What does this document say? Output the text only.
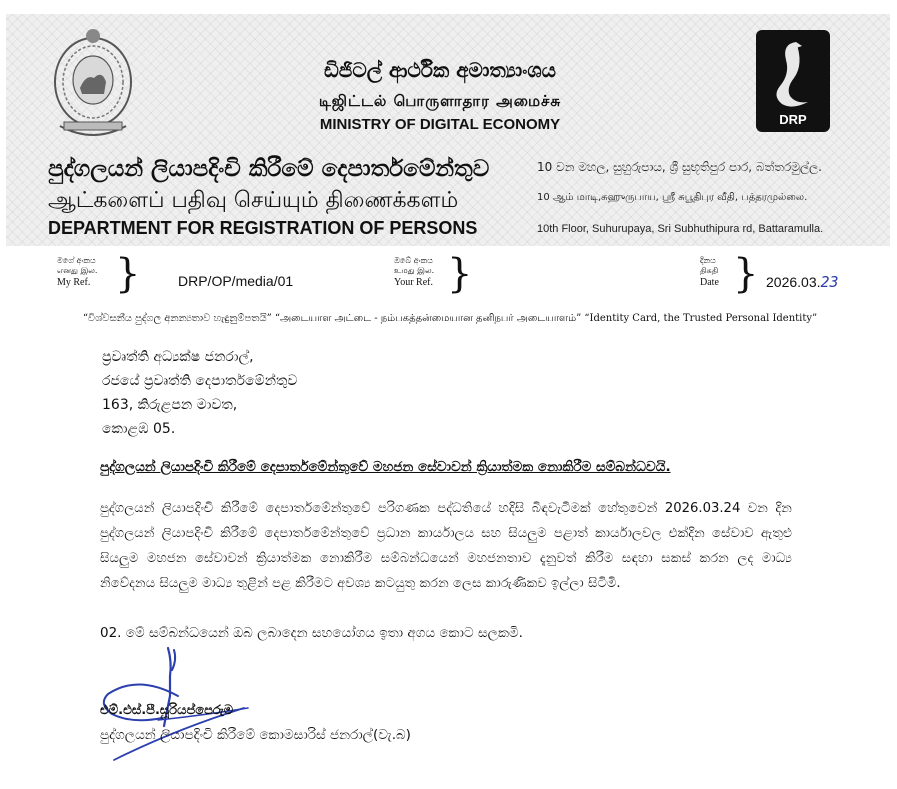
DRP
ඩිජිටල් ආර්ථික අමාත්‍යාංශය
டிஜிட்டல் பொருளாதார அமைச்சு
MINISTRY OF DIGITAL ECONOMY
පුද්ගලයන් ලියාපදිංචි කිරීමේ දෙපාර්තමේන්තුව
ஆட்களைப் பதிவு செய்யும் திணைக்களம்
DEPARTMENT FOR REGISTRATION OF PERSONS
10 වන මහල, සුහුරුපාය, ශ්‍රී සුභූතිපුර පාර, බත්තරමුල්ල.
10 ஆம் மாடி,சுஹுருபாய, ஸ்ரீ சுபூதிபுர வீதி, பத்தரமுல்லை.
10th Floor, Suhurupaya, Sri Subhuthipura rd, Battaramulla.
මගේ අංකය
எனது இல.
My Ref. }	DRP/OP/media/01
ඔබේ අංකය
உமது இல.
Your Ref. }	දිනය
திகதி
Date } 2026.03.23
“විශ්වසනීය පුද්ගල අනන්‍යතාව හැඳුනුම්පතයි” “அடையாள அட்டை - நம்பகத்தன்மையான தனிநபர் அடையாளம்” “Identity Card, the Trusted Personal Identity”
ප්‍රවෘත්ති අධ්‍යක්ෂ ජනරාල්,
රජයේ ප්‍රවෘත්ති දෙපාර්තමේන්තුව
163, කිරුළපන මාවත,
කොළඹ 05.
පුද්ගලයන් ලියාපදිංචි කිරීමේ දෙපාර්තමේන්තුවේ මහජන සේවාවන් ක්‍රියාත්මක නොකිරීම සම්බන්ධවයි.
පුද්ගලයන් ලියාපදිංචි කිරීමේ දෙපාර්තමේන්තුවේ පරිගණක පද්ධතියේ හදිසි බිඳවැටීමක් හේතුවෙන් 2026.03.24 වන දින පුද්ගලයන් ලියාපදිංචි කිරීමේ දෙපාර්තමේන්තුවේ ප්‍රධාන කාර්යාලය සහ සියලුම පළාත් කාර්යාලවල එක්දින සේවාව ඇතුළු සියලුම මහජන සේවාවන් ක්‍රියාත්මක නොකිරීම සම්බන්ධයෙන් මහජනතාව දැනුවත් කිරීම සඳහා සකස් කරන ලද මාධ්‍ය නිවේදනය සියලුම මාධ්‍ය තුළින් පළ කිරීමට අවශ්‍ය කටයුතු කරන ලෙස කාරුණිකව ඉල්ලා සිටිමි.
02. මේ සම්බන්ධයෙන් ඔබ ලබාදෙන සහයෝගය ඉතා අගය කොට සලකමි.
එම්.එස්.පී.සූරියප්පෙරුම
පුද්ගලයන් ලියාපදිංචි කිරීමේ කොමසාරිස් ජනරාල්(වැ.බ)
